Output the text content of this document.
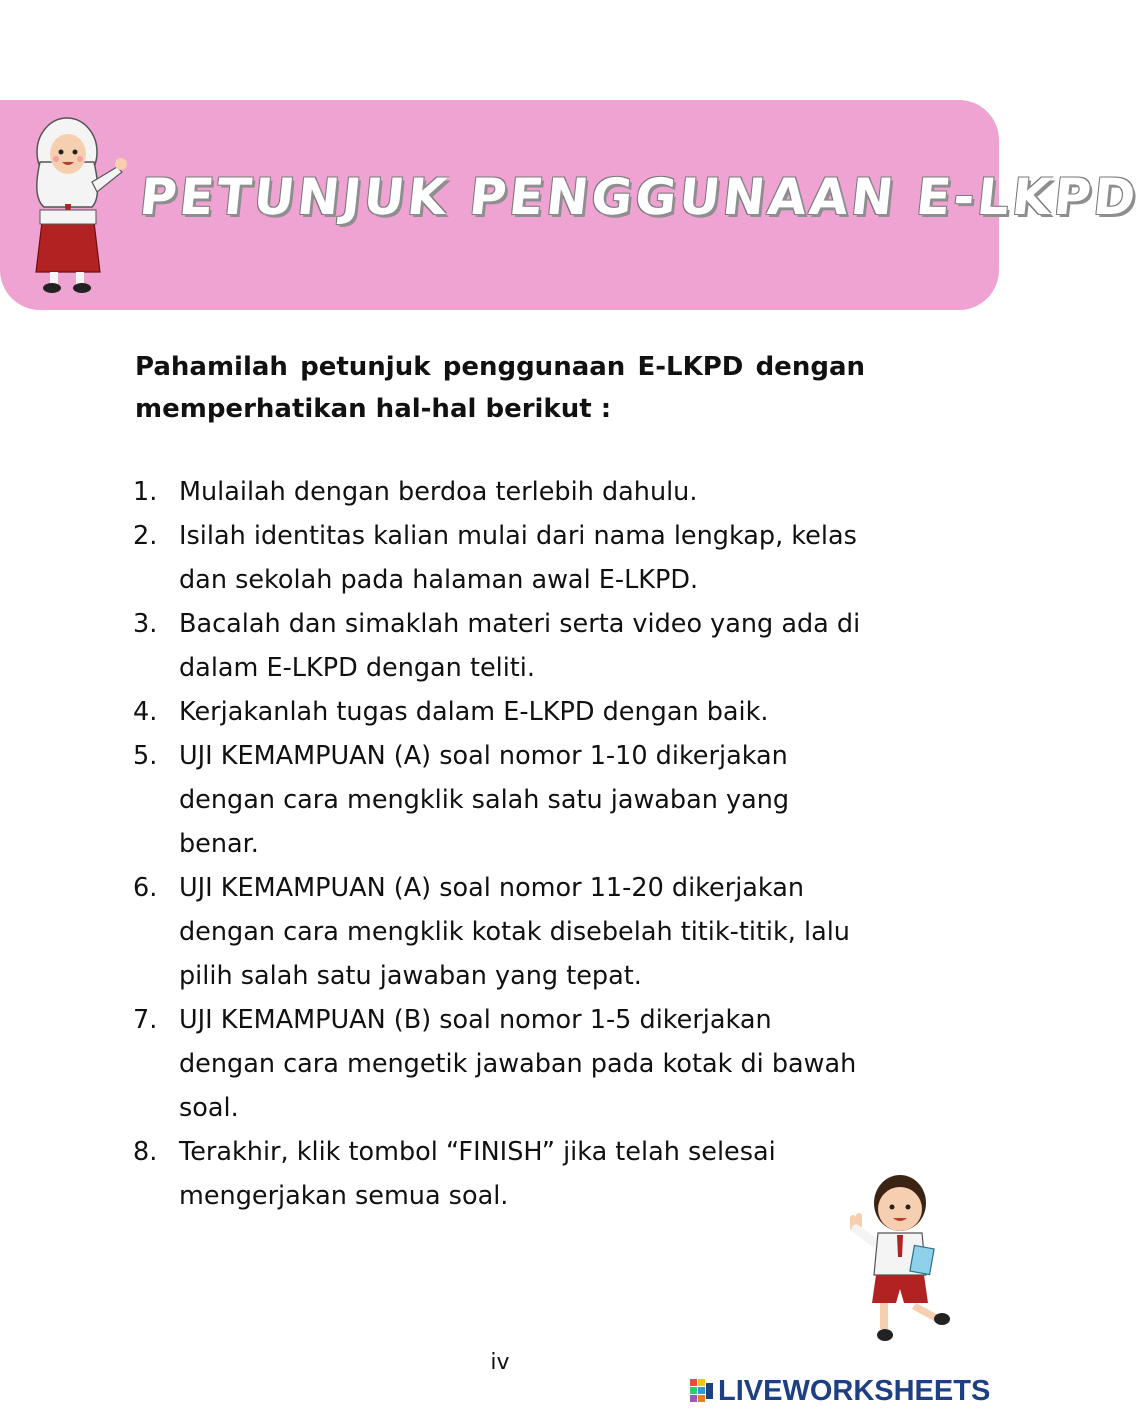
PETUNJUK PENGGUNAAN E-LKPD
Pahamilah petunjuk penggunaan E-LKPD dengan memperhatikan hal-hal berikut :
1. Mulailah dengan berdoa terlebih dahulu.
2. Isilah identitas kalian mulai dari nama lengkap, kelas dan sekolah pada halaman awal E-LKPD.
3. Bacalah dan simaklah materi serta video yang ada di dalam E-LKPD dengan teliti.
4. Kerjakanlah tugas dalam E-LKPD dengan baik.
5. UJI KEMAMPUAN (A) soal nomor 1-10 dikerjakan dengan cara mengklik salah satu jawaban yang benar.
6. UJI KEMAMPUAN (A) soal nomor 11-20 dikerjakan dengan cara mengklik kotak disebelah titik-titik, lalu pilih salah satu jawaban yang tepat.
7. UJI KEMAMPUAN (B) soal nomor 1-5 dikerjakan dengan cara mengetik jawaban pada kotak di bawah soal.
8. Terakhir, klik tombol “FINISH” jika telah selesai mengerjakan semua soal.
iv
LIVEWORKSHEETS
